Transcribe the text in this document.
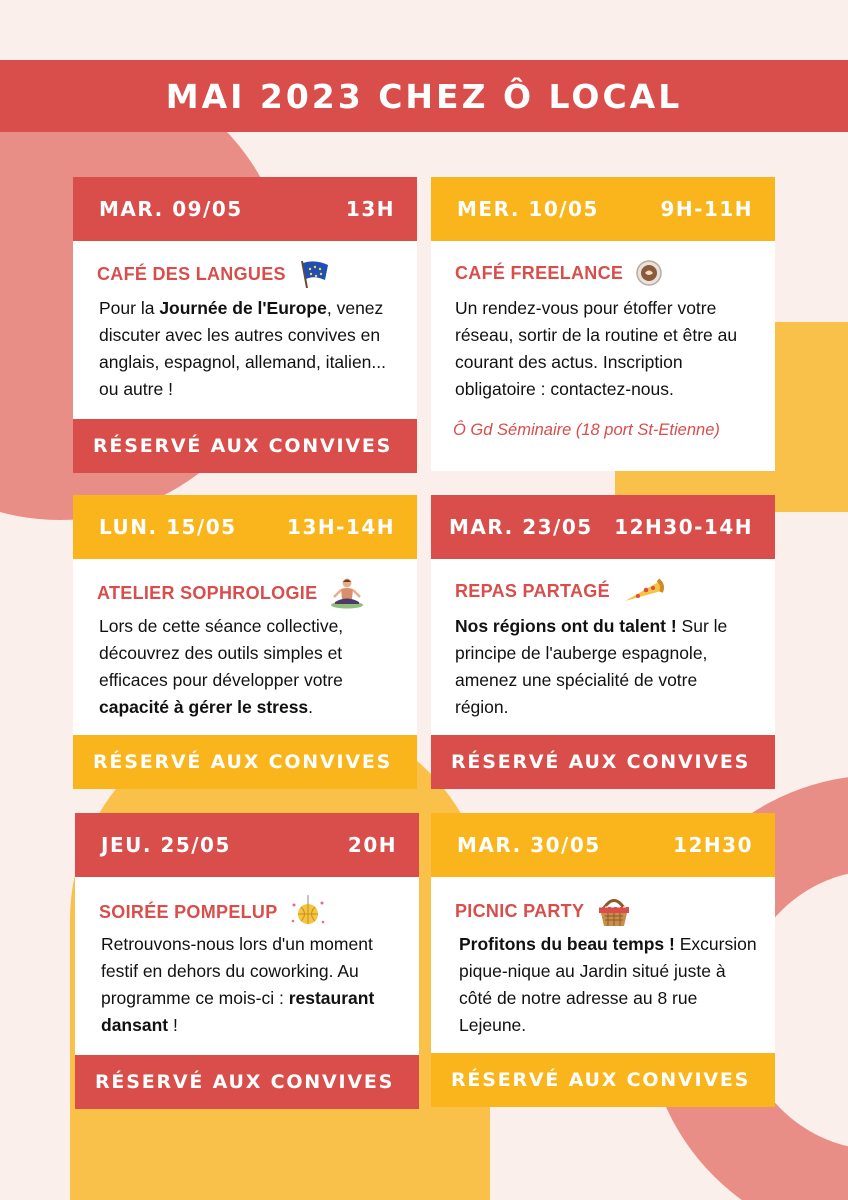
MAI 2023 CHEZ Ô LOCAL
MAR. 09/05	13H
CAFÉ DES LANGUES

Pour la Journée de l'Europe, venez discuter avec les autres convives en anglais, espagnol, allemand, italien... ou autre !

RÉSERVÉ AUX CONVIVES
MER. 10/05	9H-11H
CAFÉ FREELANCE

Un rendez-vous pour étoffer votre réseau, sortir de la routine et être au courant des actus. Inscription obligatoire : contactez-nous.

Ô Gd Séminaire (18 port St-Etienne)
LUN. 15/05	13H-14H
ATELIER SOPHROLOGIE

Lors de cette séance collective, découvrez des outils simples et efficaces pour développer votre capacité à gérer le stress.

RÉSERVÉ AUX CONVIVES
MAR. 23/05 12H30-14H
REPAS PARTAGÉ

Nos régions ont du talent ! Sur le principe de l'auberge espagnole, amenez une spécialité de votre région.

RÉSERVÉ AUX CONVIVES
JEU. 25/05	20H
SOIRÉE POMPELUP

Retrouvons-nous lors d'un moment festif en dehors du coworking. Au programme ce mois-ci : restaurant dansant !

RÉSERVÉ AUX CONVIVES
MAR. 30/05	12H30
PICNIC PARTY

Profitons du beau temps ! Excursion pique-nique au Jardin situé juste à côté de notre adresse au 8 rue Lejeune.

RÉSERVÉ AUX CONVIVES
